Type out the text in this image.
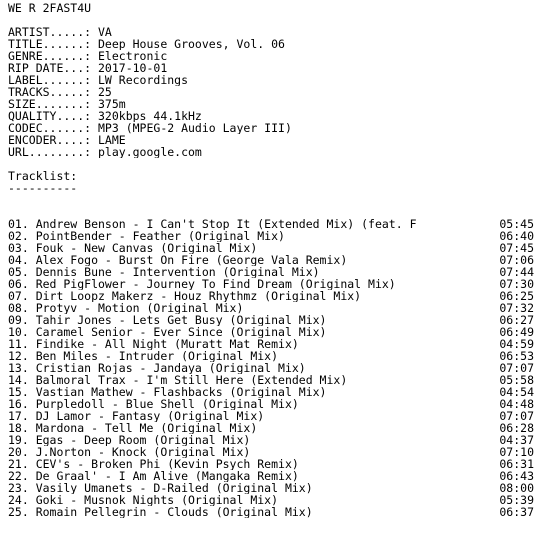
WE R 2FAST4U
ARTIST.....: VA
TITLE......: Deep House Grooves, Vol. 06
GENRE......: Electronic
RIP DATE...: 2017-10-01
LABEL......: LW Recordings
TRACKS.....: 25
SIZE.......: 375m
QUALITY....: 320kbps 44.1kHz
CODEC......: MP3 (MPEG-2 Audio Layer III)
ENCODER....: LAME
URL........: play.google.com
Tracklist:
----------
01. Andrew Benson - I Can't Stop It (Extended Mix) (feat. F	05:45
02. PointBender - Feather (Original Mix)	06:40
03. Fouk - New Canvas (Original Mix)	07:45
04. Alex Fogo - Burst On Fire (George Vala Remix)	07:06
05. Dennis Bune - Intervention (Original Mix)	07:44
06. Red PigFlower - Journey To Find Dream (Original Mix)	07:30
07. Dirt Loopz Makerz - Houz Rhythmz (Original Mix)	06:25
08. Protyv - Motion (Original Mix)	07:32
09. Tahir Jones - Lets Get Busy (Original Mix)	06:27
10. Caramel Senior - Ever Since (Original Mix)	06:49
11. Findike - All Night (Muratt Mat Remix)	04:59
12. Ben Miles - Intruder (Original Mix)	06:53
13. Cristian Rojas - Jandaya (Original Mix)	07:07
14. Balmoral Trax - I'm Still Here (Extended Mix)	05:58
15. Vastian Mathew - Flashbacks (Original Mix)	04:54
16. Purpledoll - Blue Shell (Original Mix)	04:48
17. DJ Lamor - Fantasy (Original Mix)	07:07
18. Mardona - Tell Me (Original Mix)	06:28
19. Egas - Deep Room (Original Mix)	04:37
20. J.Norton - Knock (Original Mix)	07:10
21. CEV's - Broken Phi (Kevin Psych Remix)	06:31
22. De Graal' - I Am Alive (Mangaka Remix)	06:43
23. Vasily Umanets - D-Railed (Original Mix)	08:00
24. Goki - Musnok Nights (Original Mix)	05:39
25. Romain Pellegrin - Clouds (Original Mix)	06:37
